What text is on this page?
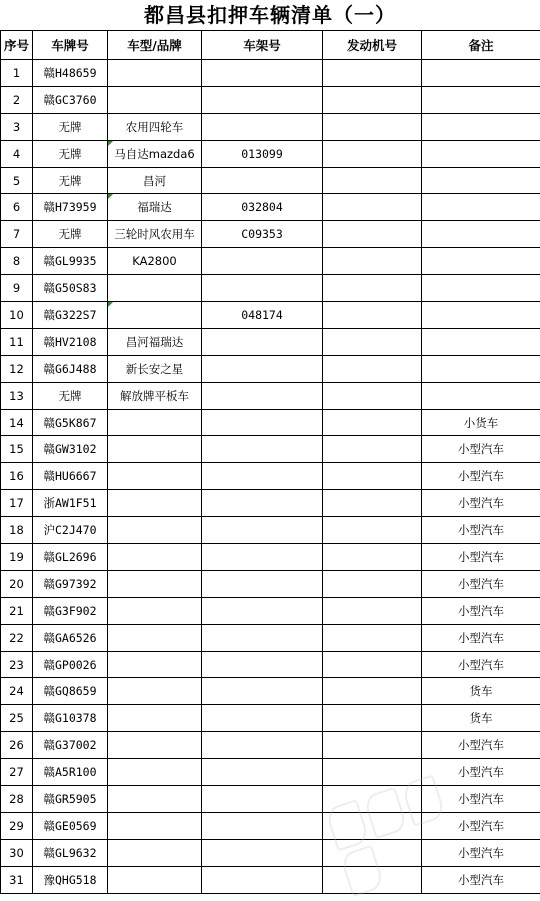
都昌县扣押车辆清单（一）
序号	车牌号	车型/品牌	车架号	发动机号	备注
1	赣H48659				
2	赣GC3760				
3	无牌	农用四轮车			
4	无牌	马自达mazda6	013099		
5	无牌	昌河			
6	赣H73959	福瑞达	032804		
7	无牌	三轮时风农用车	C09353		
8	赣GL9935	KA2800			
9	赣G50S83				
10	赣G322S7		048174		
11	赣HV2108	昌河福瑞达			
12	赣G6J488	新长安之星			
13	无牌	解放牌平板车			
14	赣G5K867				小货车
15	赣GW3102				小型汽车
16	赣HU6667				小型汽车
17	浙AW1F51				小型汽车
18	沪C2J470				小型汽车
19	赣GL2696				小型汽车
20	赣G97392				小型汽车
21	赣G3F902				小型汽车
22	赣GA6526				小型汽车
23	赣GP0026				小型汽车
24	赣GQ8659				货车
25	赣G10378				货车
26	赣G37002				小型汽车
27	赣A5R100				小型汽车
28	赣GR5905				小型汽车
29	赣GE0569				小型汽车
30	赣GL9632				小型汽车
31	豫QHG518				小型汽车
